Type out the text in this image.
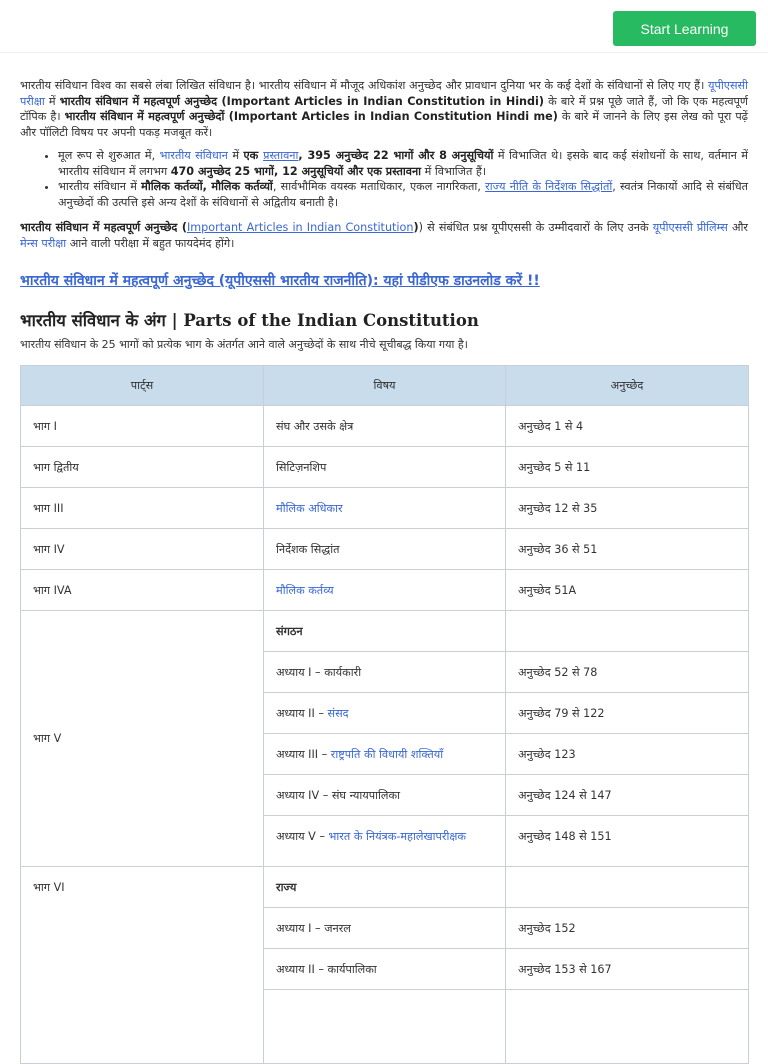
Start Learning

भारतीय संविधान विश्व का सबसे लंबा लिखित संविधान है। भारतीय संविधान में मौजूद अधिकांश अनुच्छेद और प्रावधान दुनिया भर के कई देशों के संविधानों से लिए गए हैं। यूपीएससी परीक्षा में भारतीय संविधान में महत्वपूर्ण अनुच्छेद (Important Articles in Indian Constitution in Hindi) के बारे में प्रश्न पूछे जाते हैं, जो कि एक महत्वपूर्ण टॉपिक है। भारतीय संविधान में महत्वपूर्ण अनुच्छेदों (Important Articles in Indian Constitution Hindi me) के बारे में जानने के लिए इस लेख को पूरा पढ़ें और पॉलिटी विषय पर अपनी पकड़ मजबूत करें।

• मूल रूप से शुरुआत में, भारतीय संविधान में एक प्रस्तावना, 395 अनुच्छेद 22 भागों और 8 अनुसूचियों में विभाजित थे। इसके बाद कई संशोधनों के साथ, वर्तमान में भारतीय संविधान में लगभग 470 अनुच्छेद 25 भागों, 12 अनुसूचियों और एक प्रस्तावना में विभाजित हैं।
• भारतीय संविधान में मौलिक कर्तव्यों, मौलिक कर्तव्यों, सार्वभौमिक वयस्क मताधिकार, एकल नागरिकता, राज्य नीति के निर्देशक सिद्धांतों, स्वतंत्र निकायों आदि से संबंधित अनुच्छेदों की उत्पत्ति इसे अन्य देशों के संविधानों से अद्वितीय बनाती है।

भारतीय संविधान में महत्वपूर्ण अनुच्छेद (Important Articles in Indian Constitution)) से संबंधित प्रश्न यूपीएससी के उम्मीदवारों के लिए उनके यूपीएससी प्रीलिम्स और मेन्स परीक्षा आने वाली परीक्षा में बहुत फायदेमंद होंगे।

भारतीय संविधान में महत्वपूर्ण अनुच्छेद (यूपीएससी भारतीय राजनीति): यहां पीडीएफ डाउनलोड करें !!
भारतीय संविधान के अंग | Parts of the Indian Constitution

भारतीय संविधान के 25 भागों को प्रत्येक भाग के अंतर्गत आने वाले अनुच्छेदों के साथ नीचे सूचीबद्ध किया गया है।

पार्ट्स	विषय	अनुच्छेद
भाग I	संघ और उसके क्षेत्र	अनुच्छेद 1 से 4
भाग द्वितीय	सिटिज़नशिप	अनुच्छेद 5 से 11
भाग III	मौलिक अधिकार	अनुच्छेद 12 से 35
भाग IV	निर्देशक सिद्धांत	अनुच्छेद 36 से 51
भाग IVA	मौलिक कर्तव्य	अनुच्छेद 51A
भाग V	संगठन	
	अध्याय I – कार्यकारी	अनुच्छेद 52 से 78
	अध्याय II – संसद	अनुच्छेद 79 से 122
	अध्याय III – राष्ट्रपति की विधायी शक्तियाँ	अनुच्छेद 123
	अध्याय IV – संघ न्यायपालिका	अनुच्छेद 124 से 147
	अध्याय V – भारत के नियंत्रक-महालेखापरीक्षक	अनुच्छेद 148 से 151
भाग VI	राज्य	
	अध्याय I – जनरल	अनुच्छेद 152
	अध्याय II – कार्यपालिका	अनुच्छेद 153 से 167
